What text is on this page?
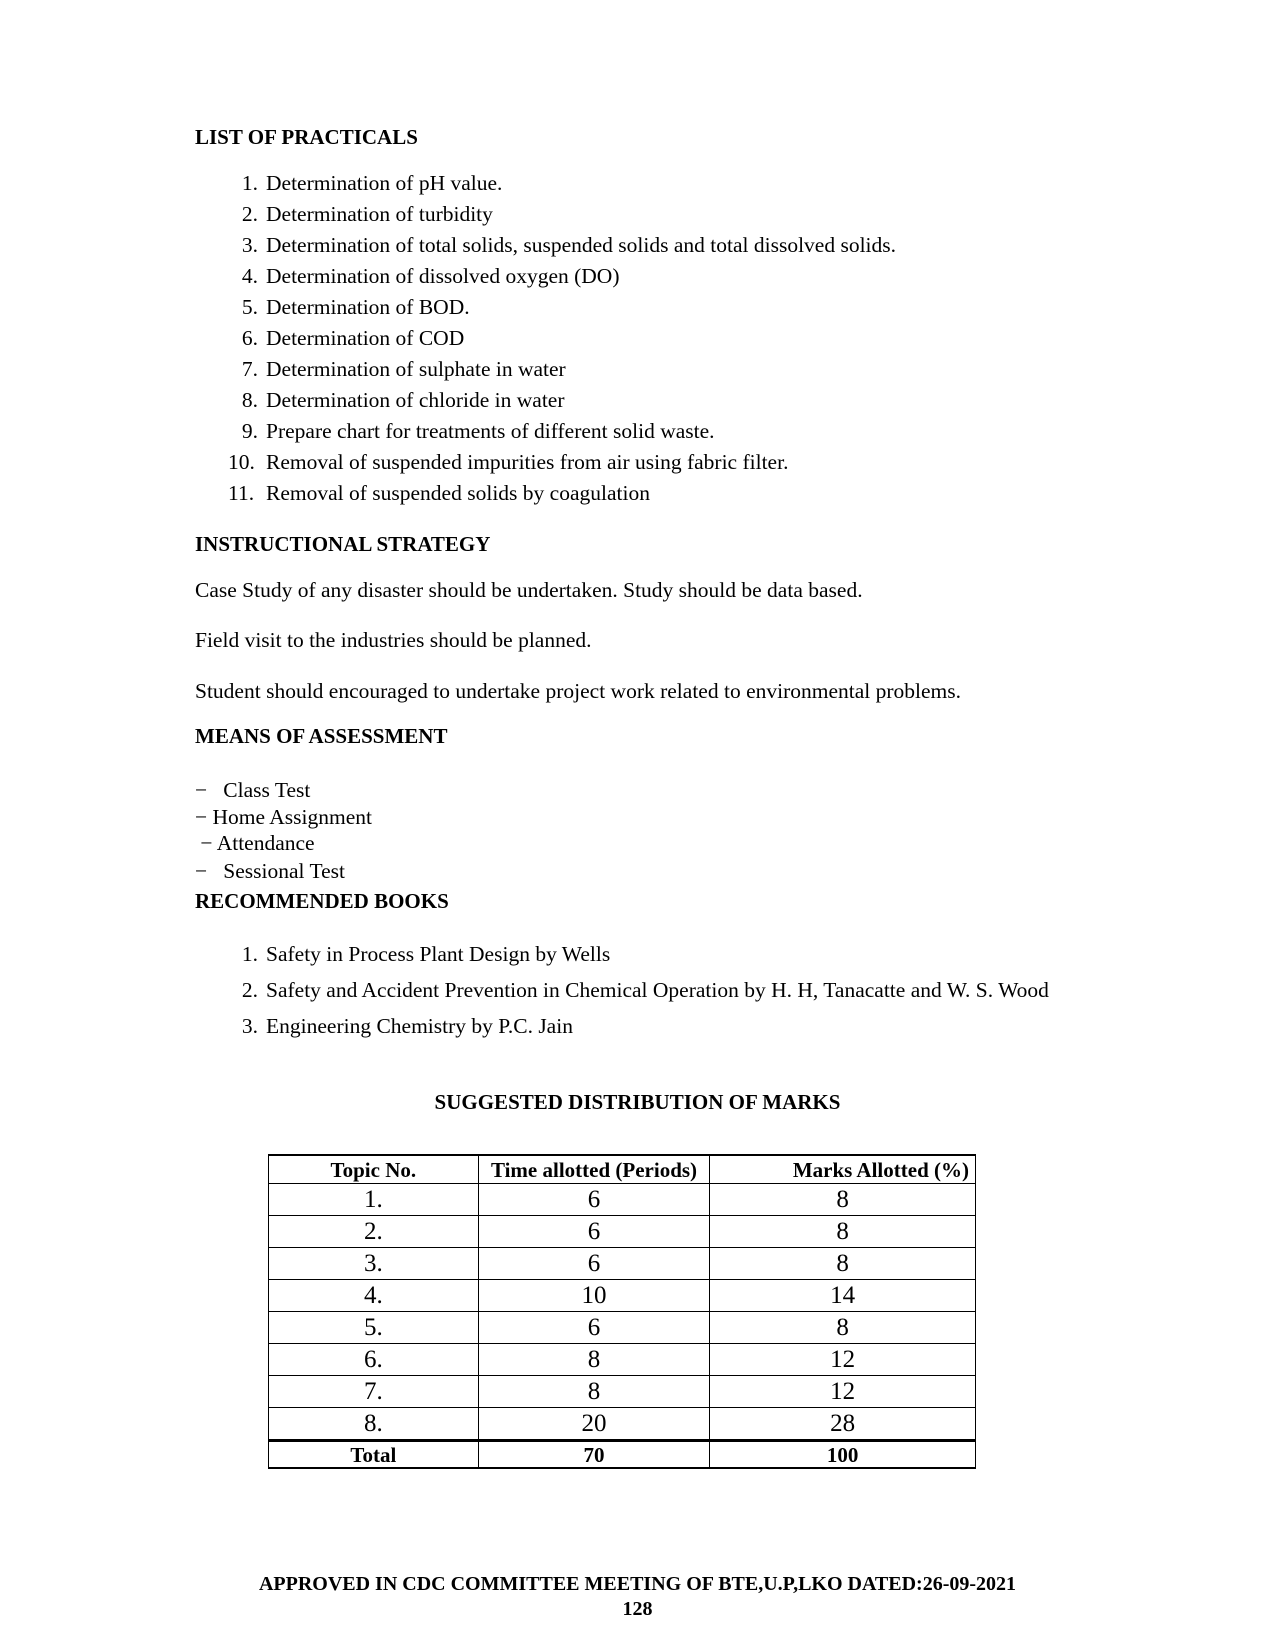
LIST OF PRACTICALS
1. Determination of pH value.
2. Determination of turbidity
3. Determination of total solids, suspended solids and total dissolved solids.
4. Determination of dissolved oxygen (DO)
5. Determination of BOD.
6. Determination of COD
7. Determination of sulphate in water
8. Determination of chloride in water
9. Prepare chart for treatments of different solid waste.
10. Removal of suspended impurities from air using fabric filter.
11. Removal of suspended solids by coagulation
INSTRUCTIONAL STRATEGY

Case Study of any disaster should be undertaken. Study should be data based.

Field visit to the industries should be planned.

Student should encouraged to undertake project work related to environmental problems.

MEANS OF ASSESSMENT
−   Class Test
− Home Assignment
− Attendance
−   Sessional Test
RECOMMENDED BOOKS
1. Safety in Process Plant Design by Wells
2. Safety and Accident Prevention in Chemical Operation by H. H, Tanacatte and W. S. Wood
3. Engineering Chemistry by P.C. Jain
SUGGESTED DISTRIBUTION OF MARKS
Topic No.	Time allotted (Periods)	Marks Allotted (%)
1.	6	8
2.	6	8
3.	6	8
4.	10	14
5.	6	8
6.	8	12
7.	8	12
8.	20	28
Total	70	100
APPROVED IN CDC COMMITTEE MEETING OF BTE,U.P,LKO DATED:26-09-2021
128
